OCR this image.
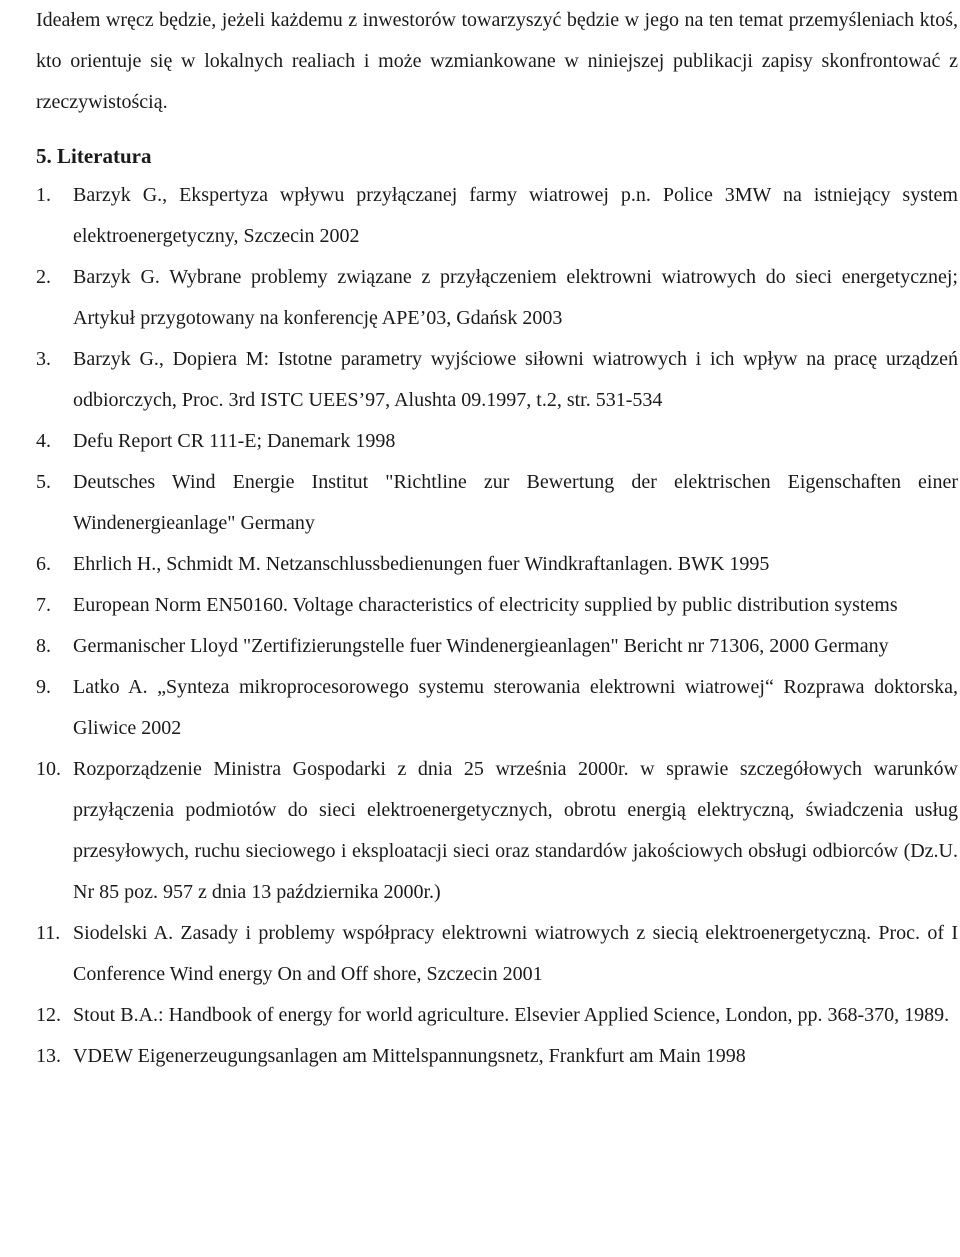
Ideałem wręcz będzie, jeżeli każdemu z inwestorów towarzyszyć będzie w jego na ten temat przemyśleniach ktoś, kto orientuje się w lokalnych realiach i może wzmiankowane w niniejszej publikacji zapisy skonfrontować z rzeczywistością.

5. Literatura
1.	Barzyk G., Ekspertyza wpływu przyłączanej farmy wiatrowej p.n. Police 3MW na istniejący system elektroenergetyczny, Szczecin 2002
2.	Barzyk G. Wybrane problemy związane z przyłączeniem elektrowni wiatrowych do sieci energetycznej; Artykuł przygotowany na konferencję APE’03, Gdańsk 2003
3.	Barzyk G., Dopiera M: Istotne parametry wyjściowe siłowni wiatrowych i ich wpływ na pracę urządzeń odbiorczych, Proc. 3rd ISTC UEES’97, Alushta 09.1997, t.2, str. 531-534
4.	Defu Report CR 111-E; Danemark 1998
5.	Deutsches Wind Energie Institut "Richtline zur Bewertung der elektrischen Eigenschaften einer Windenergieanlage" Germany
6.	Ehrlich H., Schmidt M. Netzanschlussbedienungen fuer Windkraftanlagen. BWK 1995
7.	European Norm EN50160. Voltage characteristics of electricity supplied by public distribution systems
8.	Germanischer Lloyd "Zertifizierungstelle fuer Windenergieanlagen" Bericht nr 71306, 2000 Germany
9.	Latko A. „Synteza mikroprocesorowego systemu sterowania elektrowni wiatrowej“ Rozprawa doktorska, Gliwice 2002
10. Rozporządzenie Ministra Gospodarki z dnia 25 września 2000r. w sprawie szczegółowych warunków przyłączenia podmiotów do sieci elektroenergetycznych, obrotu energią elektryczną, świadczenia usług przesyłowych, ruchu sieciowego i eksploatacji sieci oraz standardów jakościowych obsługi odbiorców (Dz.U. Nr 85 poz. 957 z dnia 13 października 2000r.)
11. Siodelski A. Zasady i problemy współpracy elektrowni wiatrowych z siecią elektroenergetyczną. Proc. of I Conference Wind energy On and Off shore, Szczecin 2001
12. Stout B.A.: Handbook of energy for world agriculture. Elsevier Applied Science, London, pp. 368-370, 1989.
13. VDEW Eigenerzeugungsanlagen am Mittelspannungsnetz, Frankfurt am Main 1998
